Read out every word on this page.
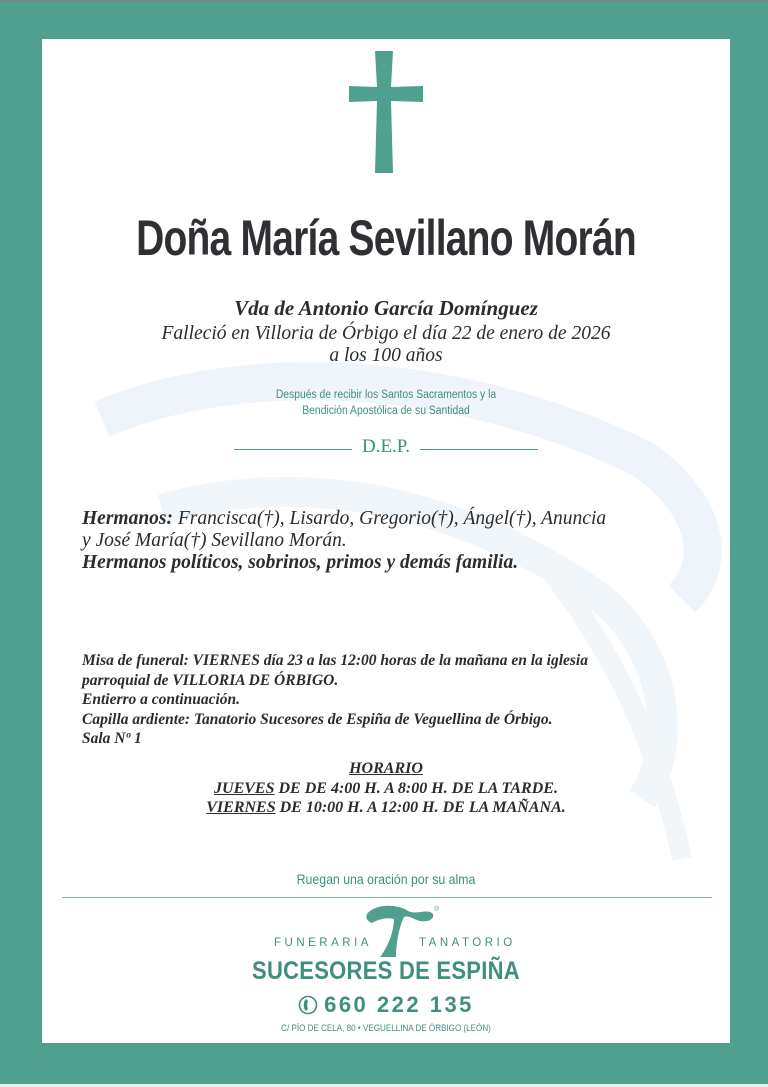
Doña María Sevillano Morán
Vda de Antonio García Domínguez
Falleció en Villoria de Órbigo el día 22 de enero de 2026
a los 100 años
Después de recibir los Santos Sacramentos y la
Bendición Apostólica de su Santidad
D.E.P.
Hermanos: Francisca(†), Lisardo, Gregorio(†), Ángel(†), Anuncia
y José María(†) Sevillano Morán.
Hermanos políticos, sobrinos, primos y demás familia.
Misa de funeral: VIERNES día 23 a las 12:00 horas de la mañana en la iglesia
parroquial de VILLORIA DE ÓRBIGO.
Entierro a continuación.
Capilla ardiente: Tanatorio Sucesores de Espiña de Veguellina de Órbigo.
Sala Nº 1
HORARIO
JUEVES DE DE 4:00 H. A 8:00 H. DE LA TARDE.
VIERNES DE 10:00 H. A 12:00 H. DE LA MAÑANA.
Ruegan una oración por su alma
®
FUNERARIA	TANATORIO
SUCESORES DE ESPIÑA
660 222 135
C/ PÍO DE CELA, 80 • VEGUELLINA DE ÓRBIGO (LEÓN)
